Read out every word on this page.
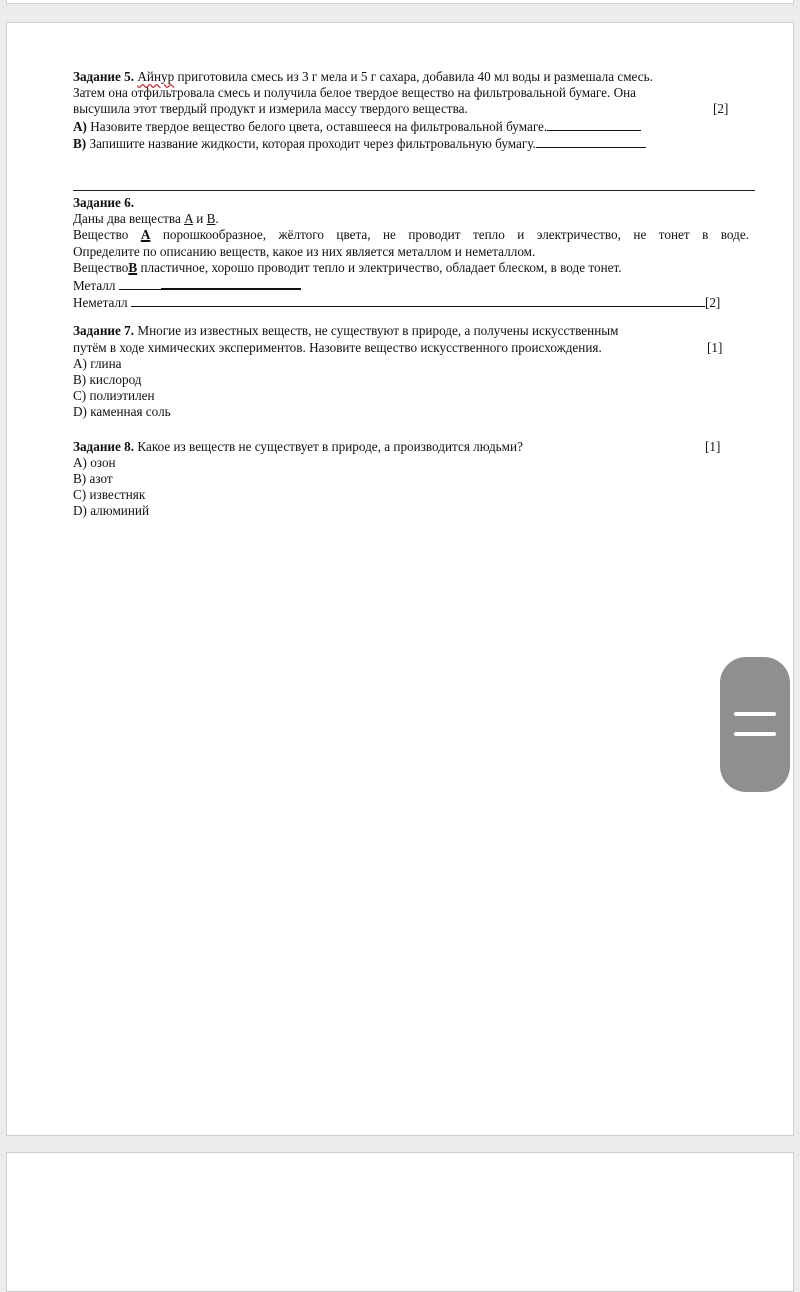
Задание 5. Айнур приготовила смесь из 3 г мела и 5 г сахара, добавила 40 мл воды и размешала смесь.
Затем она отфильтровала смесь и получила белое твердое вещество на фильтровальной бумаге. Она
высушила этот твердый продукт и измерила массу твердого вещества.	[2]
A) Назовите твердое вещество белого цвета, оставшееся на фильтровальной бумаге.
B) Запишите название жидкости, которая проходит через фильтровальную бумагу.
Задание 6.
Даны два вещества A и B.
Вещество A порошкообразное, жёлтого цвета, не проводит тепло и электричество, не тонет в воде.
Определите по описанию веществ, какое из них является металлом и неметаллом.
ВеществоB пластичное, хорошо проводит тепло и электричество, обладает блеском, в воде тонет.
Металл
Неметалл	[2]
Задание 7. Многие из известных веществ, не существуют в природе, а получены искусственным
путём в ходе химических экспериментов. Назовите вещество искусственного происхождения.	[1]
A) глина
B) кислород
C) полиэтилен
D) каменная соль
Задание 8. Какое из веществ не существует в природе, а производится людьми?	[1]
A) озон
B) азот
C) известняк
D) алюминий
